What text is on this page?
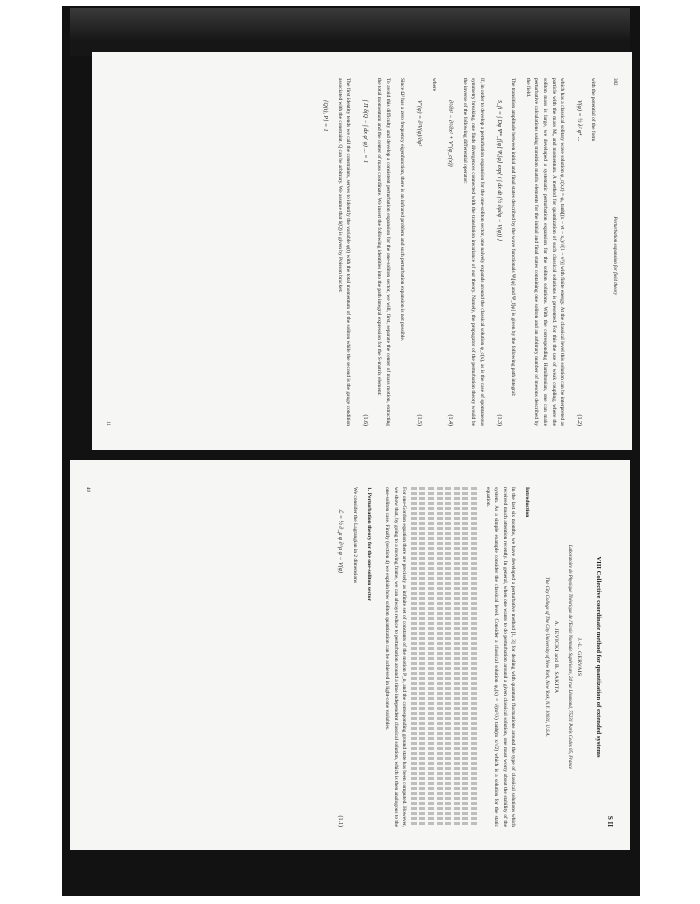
382
Perturbation expansion for field theory

with the potential of the form

V(φ) = ½ λ² φ⁴ ...
(1.2)

which has a classical solitary wave solution φ_c(x,t) = φ₀ tanh[(x − vt − x₀)/√(1 − v²)] with finite energy. At the classical level this solution can be interpreted as particle with the mass M₀ and momentum. A method for quantization of such classical solutions is presented. For this the use of weak coupling, where the soliton mass is large, we developed a systematic perturbation expansion for the soliton solutions. With the corresponding Hamiltonian, one can make perturbative calculations using transition matrix elements for the initial and final states containing one soliton and an arbitrary number of mesons described by the field.

The transition amplitude between initial and final states described by the wave functionals Ψᵢ[φ] and Ψ_f[φ] is given by the following path integral:

S_fi = ∫ Dφ Ψ*_f[φ] Ψᵢ[φ] exp{ i ∫ dx dt (½ ∂φ∂φ − V(φ)) }
(1.3)

If, in order to develop a perturbation expansion for the one-soliton sector, one naively expands around the classical solution φ_c(x), as is the case of spontaneous symmetry breaking, one finds divergences connected with the translation invariance of our theory. Namely, the propagator of the perturbation theory would be the inverse of the following differential operator:

∂²/∂t² − ∂²/∂x² + V″(φ_c(x))
(1.4)

where

V″(φ) = ∂²V(φ)/∂φ²
(1.5)

Since Ω² has a zero frequency eigenfunction, there is an infrared problem and such perturbation expansion is not possible.

To avoid this difficulty and develop a consistent perturbation expansion for the one-soliton sector, we will, first, separate the center of mass motion, extracting the total momentum and the center of mass coordinate. We insert the following identities into the path integral expression for the S-matrix element:

∫ Π δ(Q − ∫ dx φ′ φ) ... = 1
(1.6)

The first identity tends we call the constraints, serves to identify the variable φ(t) with the total momentum of the soliton while the second is the gauge condition associated with the constraint. Q can be arbitrary. We assume that δ(Q) is given by Poisson bracket:

{Q(t), P} = 1
11
S II
VIII Collective coordinate method for quantization of extended systems
J.-L. GERVAIS
Laboratoire de Physique Théorique de l'Ecole Normale Supérieure, 24 rue Lhomond, 75231 Paris Cedex 05, France
A. JEVICKI and B. SAKITA
The City College of The City University of New York, New York, N.Y. 10031, U.S.A.
Introduction

In the last six months, we have developed a perturbative method [1, 3] for dealing with quantum fluctuations around the type of classical solutions which received much attention recently. In general, when one wants to do perturbation around a given classical solution, one must worry about the stability of the system. As a simple example consider the classical level. Consider a classical solution φ₀(x) = √(m²/λ) tanh(m x/√2) which is a solution for the static equation.

For one-Gordon equation there are precisely as infinite set of constants of the motion P_n, and the corresponding ground state has been computed. However, we show that, by going to a moving frame, we can always reduce to perturbation around a time independent classical solution, which is then analogous to the one-soliton case. Finally (section 4) we explain how soliton quantization can be achieved in light-cone variables.

1. Perturbation theory for the one-soliton sector

We consider the Lagrangian in 2 dimensions

ℒ = ½ ∂_μ φ ∂^μ φ − V(φ)
(1.1)
40
